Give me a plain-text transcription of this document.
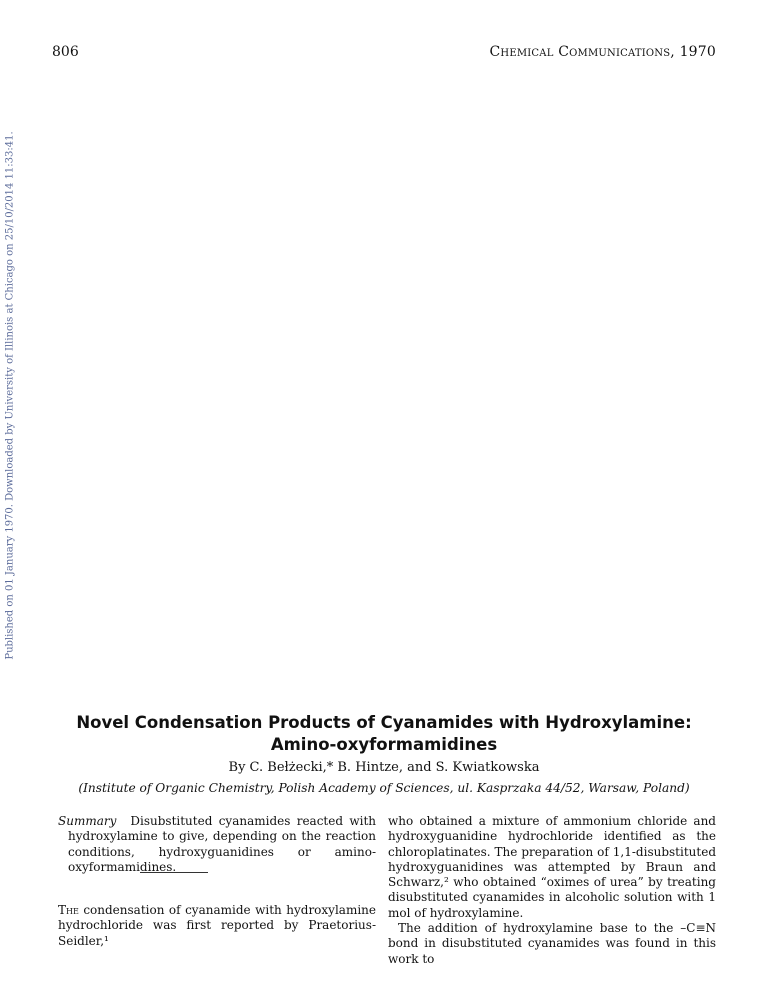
806	Chemical Communications, 1970
Published on 01 January 1970. Downloaded by University of Illinois at Chicago on 25/10/2014 11:33:41.
Novel Condensation Products of Cyanamides with Hydroxylamine:
Amino-oxyformamidines
By C. Bełżecki,* B. Hintze, and S. Kwiatkowska
(Institute of Organic Chemistry, Polish Academy of Sciences, ul. Kasprzaka 44/52, Warsaw, Poland)

Summary Disubstituted cyanamides reacted with hydroxylamine to give, depending on the reaction conditions, hydroxyguanidines or amino-oxyformamidines.

The condensation of cyanamide with hydroxylamine hydrochloride was first reported by Praetorius-Seidler,¹

who obtained a mixture of ammonium chloride and hydroxyguanidine hydrochloride identified as the chloroplatinates. The preparation of 1,1-disubstituted hydroxyguanidines was attempted by Braun and Schwarz,² who obtained “oximes of urea” by treating disubstituted cyanamides in alcoholic solution with 1 mol of hydroxylamine.

The addition of hydroxylamine base to the –C≡N bond in disubstituted cyanamides was found in this work to
